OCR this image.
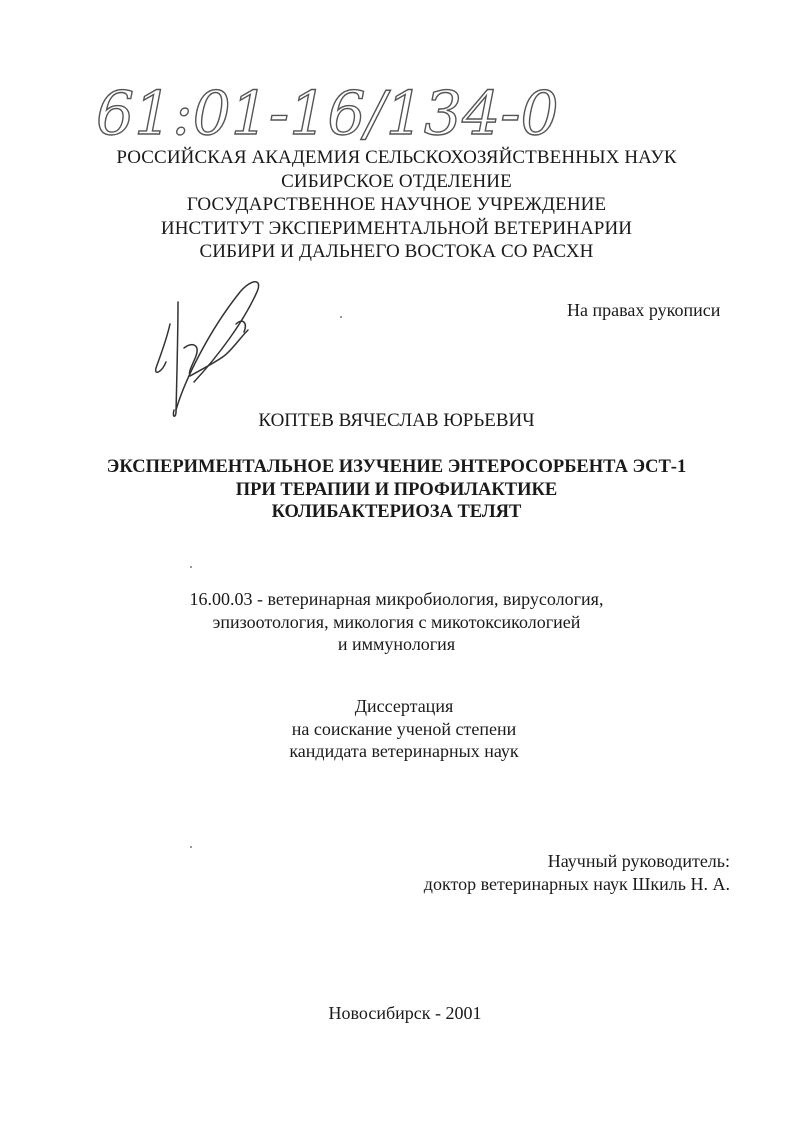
61:01-16/134-0
РОССИЙСКАЯ АКАДЕМИЯ СЕЛЬСКОХОЗЯЙСТВЕННЫХ НАУК
СИБИРСКОЕ ОТДЕЛЕНИЕ
ГОСУДАРСТВЕННОЕ НАУЧНОЕ УЧРЕЖДЕНИЕ
ИНСТИТУТ ЭКСПЕРИМЕНТАЛЬНОЙ ВЕТЕРИНАРИИ
СИБИРИ И ДАЛЬНЕГО ВОСТОКА СО РАСХН
На правах рукописи
КОПТЕВ ВЯЧЕСЛАВ ЮРЬЕВИЧ
ЭКСПЕРИМЕНТАЛЬНОЕ ИЗУЧЕНИЕ ЭНТЕРОСОРБЕНТА ЭСТ-1
ПРИ ТЕРАПИИ И ПРОФИЛАКТИКЕ
КОЛИБАКТЕРИОЗА ТЕЛЯТ
16.00.03 - ветеринарная микробиология, вирусология,
эпизоотология, микология с микотоксикологией
и иммунология
Диссертация
на соискание ученой степени
кандидата ветеринарных наук
Научный руководитель:
доктор ветеринарных наук Шкиль Н. А.
Новосибирск - 2001
